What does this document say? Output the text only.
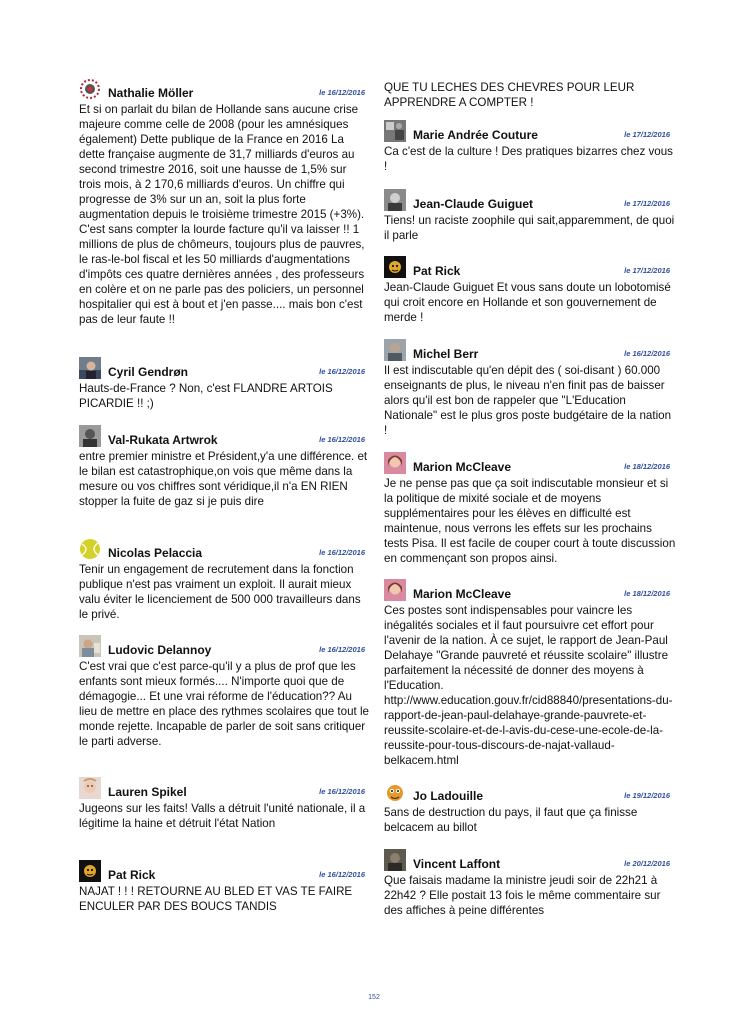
Nathalie Möller	le 16/12/2016

Et si on parlait du bilan de Hollande sans aucune crise majeure comme celle de 2008 (pour les amnésiques également) Dette publique de la France en 2016 La dette française augmente de 31,7 milliards d'euros au second trimestre 2016, soit une hausse de 1,5% sur trois mois, à 2 170,6 milliards d'euros. Un chiffre qui progresse de 3% sur un an, soit la plus forte augmentation depuis le troisième trimestre 2015 (+3%). C'est sans compter la lourde facture qu'il va laisser !! 1 millions de plus de chômeurs, toujours plus de pauvres, le ras-le-bol fiscal et les 50 milliards d'augmentations d'impôts ces quatre dernières années , des professeurs en colère et on ne parle pas des policiers, un personnel hospitalier qui est à bout et j'en passe.... mais bon c'est pas de leur faute !!

Cyril Gendrøn	le 16/12/2016

Hauts-de-France ? Non, c'est FLANDRE ARTOIS PICARDIE !! ;)

Val-Rukata Artwrok	le 16/12/2016

entre premier ministre et Président,y'a une différence. et le bilan est catastrophique,on vois que même dans la mesure ou vos chiffres sont véridique,il n'a EN RIEN stopper la fuite de gaz si je puis dire

Nicolas Pelaccia	le 16/12/2016

Tenir un engagement de recrutement dans la fonction publique n'est pas vraiment un exploit. Il aurait mieux valu éviter le licenciement de 500 000 travailleurs dans le privé.

Ludovic Delannoy	le 16/12/2016

C'est vrai que c'est parce-qu'il y a plus de prof que les enfants sont mieux formés.... N'importe quoi que de démagogie... Et une vrai réforme de l'éducation?? Au lieu de mettre en place des rythmes scolaires que tout le monde rejette. Incapable de parler de soit sans critiquer le parti adverse.

Lauren Spikel	le 16/12/2016

Jugeons sur les faits! Valls a détruit l'unité nationale, il a légitime la haine et détruit l'état Nation

Pat Rick	le 16/12/2016

NAJAT ! ! ! RETOURNE AU BLED ET VAS TE FAIRE ENCULER PAR DES BOUCS TANDIS

QUE TU LECHES DES CHEVRES POUR LEUR APPRENDRE A COMPTER !

Marie Andrée Couture	le 17/12/2016

Ca c'est de la culture ! Des pratiques bizarres chez vous !

Jean-Claude Guiguet	le 17/12/2016

Tiens! un raciste zoophile qui sait,apparemment, de quoi il parle

Pat Rick	le 17/12/2016

Jean-Claude Guiguet Et vous sans doute un lobotomisé qui croit encore en Hollande et son gouvernement de merde !

Michel Berr	le 16/12/2016

Il est indiscutable qu'en dépit des ( soi-disant ) 60.000 enseignants de plus, le niveau n'en finit pas de baisser alors qu'il est bon de rappeler que "L'Education Nationale" est le plus gros poste budgétaire de la nation !

Marion McCleave	le 18/12/2016

Je ne pense pas que ça soit indiscutable monsieur et si la politique de mixité sociale et de moyens supplémentaires pour les élèves en difficulté est maintenue, nous verrons les effets sur les prochains tests Pisa. Il est facile de couper court à toute discussion en commençant son propos ainsi.

Marion McCleave	le 18/12/2016

Ces postes sont indispensables pour vaincre les inégalités sociales et il faut poursuivre cet effort pour l'avenir de la nation. À ce sujet, le rapport de Jean-Paul Delahaye "Grande pauvreté et réussite scolaire" illustre parfaitement la nécessité de donner des moyens à l'Education. http://www.education.gouv.fr/cid88840/presentations-du-rapport-de-jean-paul-delahaye-grande-pauvrete-et-reussite-scolaire-et-de-l-avis-du-cese-une-ecole-de-la-reussite-pour-tous-discours-de-najat-vallaud-belkacem.html

Jo Ladouille	le 19/12/2016

5ans de destruction du pays, il faut que ça finisse belcacem au billot

Vincent Laffont	le 20/12/2016

Que faisais madame la ministre jeudi soir de 22h21 à 22h42 ? Elle postait 13 fois le même commentaire sur des affiches à peine différentes

152
